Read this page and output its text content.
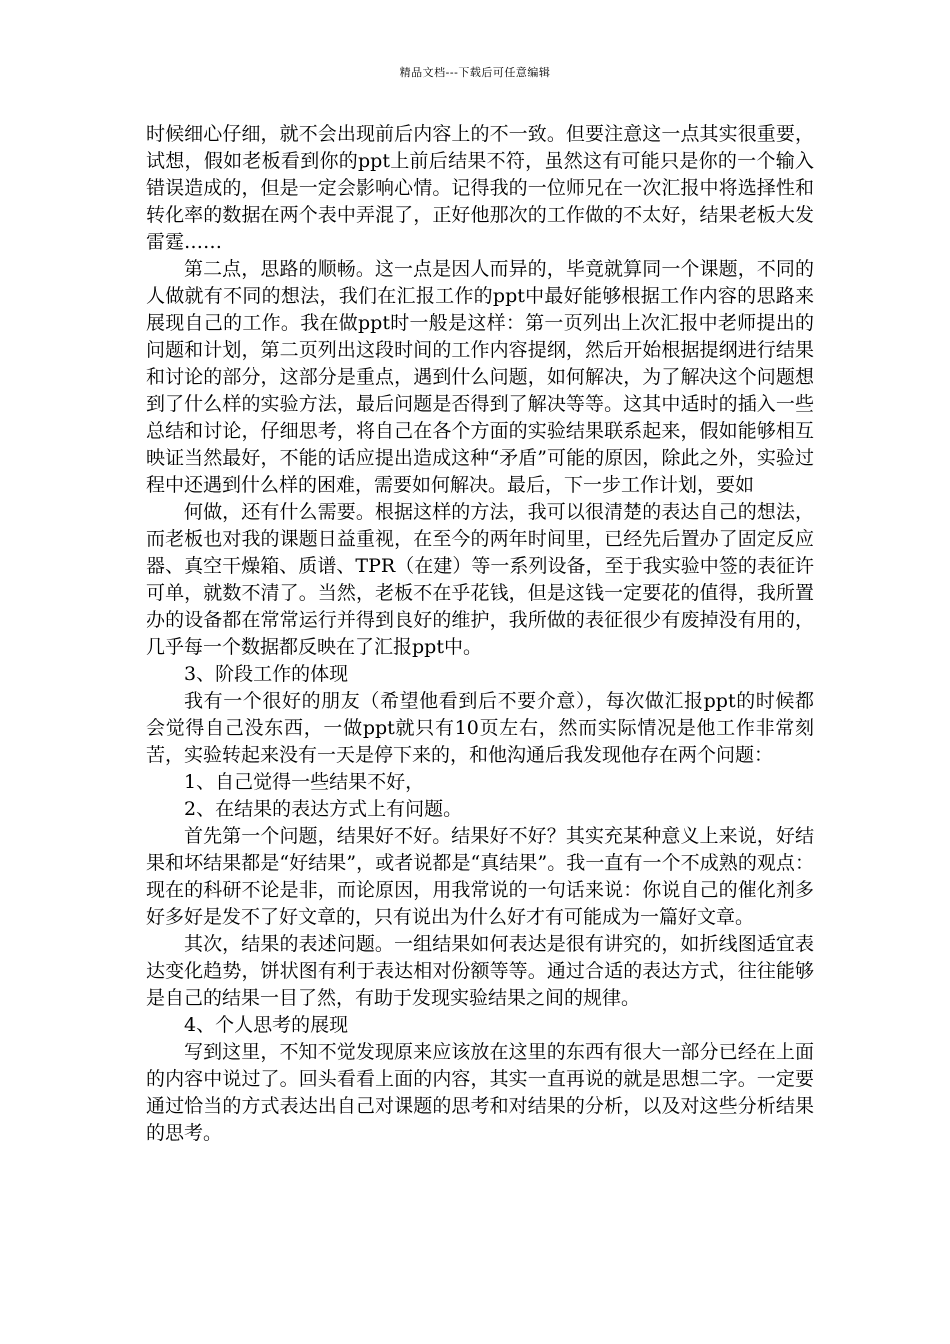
精品文档---下载后可任意编辑

时候细心仔细，就不会出现前后内容上的不一致。但要注意这一点其实很重要，试想，假如老板看到你的ppt上前后结果不符，虽然这有可能只是你的一个输入错误造成的，但是一定会影响心情。记得我的一位师兄在一次汇报中将选择性和转化率的数据在两个表中弄混了，正好他那次的工作做的不太好，结果老板大发雷霆……

第二点，思路的顺畅。这一点是因人而异的，毕竟就算同一个课题，不同的人做就有不同的想法，我们在汇报工作的ppt中最好能够根据工作内容的思路来展现自己的工作。我在做ppt时一般是这样：第一页列出上次汇报中老师提出的问题和计划，第二页列出这段时间的工作内容提纲，然后开始根据提纲进行结果和讨论的部分，这部分是重点，遇到什么问题，如何解决，为了解决这个问题想到了什么样的实验方法，最后问题是否得到了解决等等。这其中适时的插入一些总结和讨论，仔细思考，将自己在各个方面的实验结果联系起来，假如能够相互映证当然最好，不能的话应提出造成这种“矛盾”可能的原因，除此之外，实验过程中还遇到什么样的困难，需要如何解决。最后，下一步工作计划，要如

何做，还有什么需要。根据这样的方法，我可以很清楚的表达自己的想法，而老板也对我的课题日益重视，在至今的两年时间里，已经先后置办了固定反应器、真空干燥箱、质谱、TPR（在建）等一系列设备，至于我实验中签的表征许可单，就数不清了。当然，老板不在乎花钱，但是这钱一定要花的值得，我所置办的设备都在常常运行并得到良好的维护，我所做的表征很少有废掉没有用的，几乎每一个数据都反映在了汇报ppt中。

3、阶段工作的体现

我有一个很好的朋友（希望他看到后不要介意），每次做汇报ppt的时候都会觉得自己没东西，一做ppt就只有10页左右，然而实际情况是他工作非常刻苦，实验转起来没有一天是停下来的，和他沟通后我发现他存在两个问题：

1、自己觉得一些结果不好，

2、在结果的表达方式上有问题。

首先第一个问题，结果好不好。结果好不好？其实充某种意义上来说，好结果和坏结果都是“好结果”，或者说都是“真结果”。我一直有一个不成熟的观点：现在的科研不论是非，而论原因，用我常说的一句话来说：你说自己的催化剂多好多好是发不了好文章的，只有说出为什么好才有可能成为一篇好文章。

其次，结果的表述问题。一组结果如何表达是很有讲究的，如折线图适宜表达变化趋势，饼状图有利于表达相对份额等等。通过合适的表达方式，往往能够是自己的结果一目了然，有助于发现实验结果之间的规律。

4、个人思考的展现

写到这里，不知不觉发现原来应该放在这里的东西有很大一部分已经在上面的内容中说过了。回头看看上面的内容，其实一直再说的就是思想二字。一定要通过恰当的方式表达出自己对课题的思考和对结果的分析，以及对这些分析结果的思考。
